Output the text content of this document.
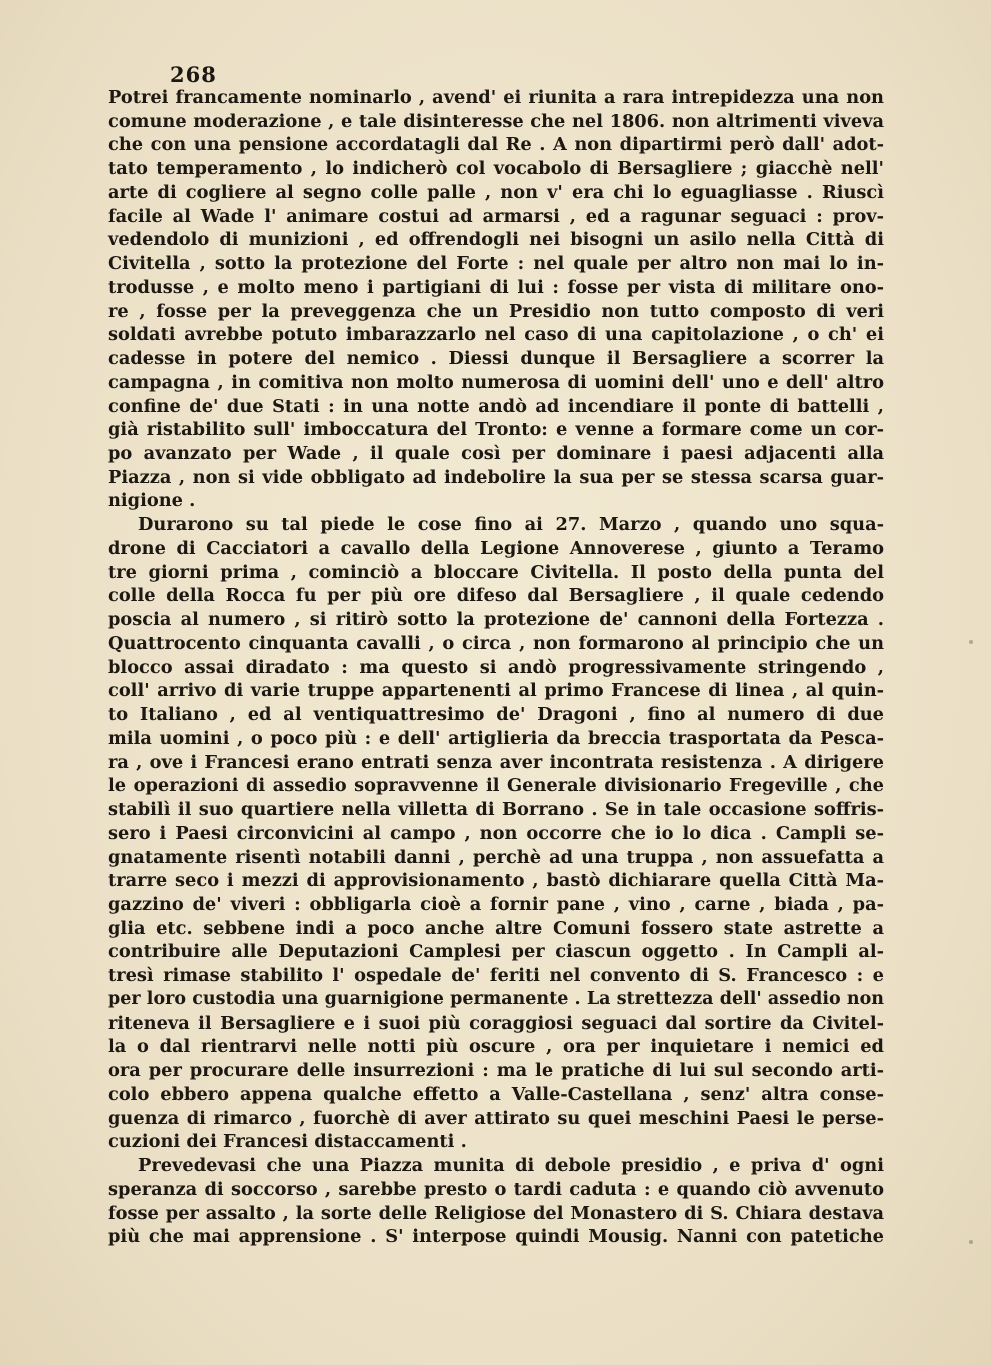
268
Potrei francamente nominarlo , avend' ei riunita a rara intrepidezza una non
comune moderazione , e tale disinteresse che nel 1806. non altrimenti viveva
che con una pensione accordatagli dal Re . A non dipartirmi però dall' adot-
tato temperamento , lo indicherò col vocabolo di Bersagliere ; giacchè nell'
arte di cogliere al segno colle palle , non v' era chi lo eguagliasse . Riuscì
facile al Wade l' animare costui ad armarsi , ed a ragunar seguaci : prov-
vedendolo di munizioni , ed offrendogli nei bisogni un asilo nella Città di
Civitella , sotto la protezione del Forte : nel quale per altro non mai lo in-
trodusse , e molto meno i partigiani di lui : fosse per vista di militare ono-
re , fosse per la preveggenza che un Presidio non tutto composto di veri
soldati avrebbe potuto imbarazzarlo nel caso di una capitolazione , o ch' ei
cadesse in potere del nemico . Diessi dunque il Bersagliere a scorrer la
campagna , in comitiva non molto numerosa di uomini dell' uno e dell' altro
confine de' due Stati : in una notte andò ad incendiare il ponte di battelli ,
già ristabilito sull' imboccatura del Tronto: e venne a formare come un cor-
po avanzato per Wade , il quale così per dominare i paesi adjacenti alla
Piazza , non si vide obbligato ad indebolire la sua per se stessa scarsa guar-
nigione .
Durarono su tal piede le cose fino ai 27. Marzo , quando uno squa-
drone di Cacciatori a cavallo della Legione Annoverese , giunto a Teramo
tre giorni prima , cominciò a bloccare Civitella. Il posto della punta del
colle della Rocca fu per più ore difeso dal Bersagliere , il quale cedendo
poscia al numero , si ritirò sotto la protezione de' cannoni della Fortezza .
Quattrocento cinquanta cavalli , o circa , non formarono al principio che un
blocco assai diradato : ma questo si andò progressivamente stringendo ,
coll' arrivo di varie truppe appartenenti al primo Francese di linea , al quin-
to Italiano , ed al ventiquattresimo de' Dragoni , fino al numero di due
mila uomini , o poco più : e dell' artiglieria da breccia trasportata da Pesca-
ra , ove i Francesi erano entrati senza aver incontrata resistenza . A dirigere
le operazioni di assedio sopravvenne il Generale divisionario Fregeville , che
stabilì il suo quartiere nella villetta di Borrano . Se in tale occasione soffris-
sero i Paesi circonvicini al campo , non occorre che io lo dica . Campli se-
gnatamente risentì notabili danni , perchè ad una truppa , non assuefatta a
trarre seco i mezzi di approvisionamento , bastò dichiarare quella Città Ma-
gazzino de' viveri : obbligarla cioè a fornir pane , vino , carne , biada , pa-
glia etc. sebbene indi a poco anche altre Comuni fossero state astrette a
contribuire alle Deputazioni Camplesi per ciascun oggetto . In Campli al-
tresì rimase stabilito l' ospedale de' feriti nel convento di S. Francesco : e
per loro custodia una guarnigione permanente . La strettezza dell' assedio non
riteneva il Bersagliere e i suoi più coraggiosi seguaci dal sortire da Civitel-
la o dal rientrarvi nelle notti più oscure , ora per inquietare i nemici ed
ora per procurare delle insurrezioni : ma le pratiche di lui sul secondo arti-
colo ebbero appena qualche effetto a Valle-Castellana , senz' altra conse-
guenza di rimarco , fuorchè di aver attirato su quei meschini Paesi le perse-
cuzioni dei Francesi distaccamenti .
Prevedevasi che una Piazza munita di debole presidio , e priva d' ogni
speranza di soccorso , sarebbe presto o tardi caduta : e quando ciò avvenuto
fosse per assalto , la sorte delle Religiose del Monastero di S. Chiara destava
più che mai apprensione . S' interpose quindi Mousig. Nanni con patetiche
